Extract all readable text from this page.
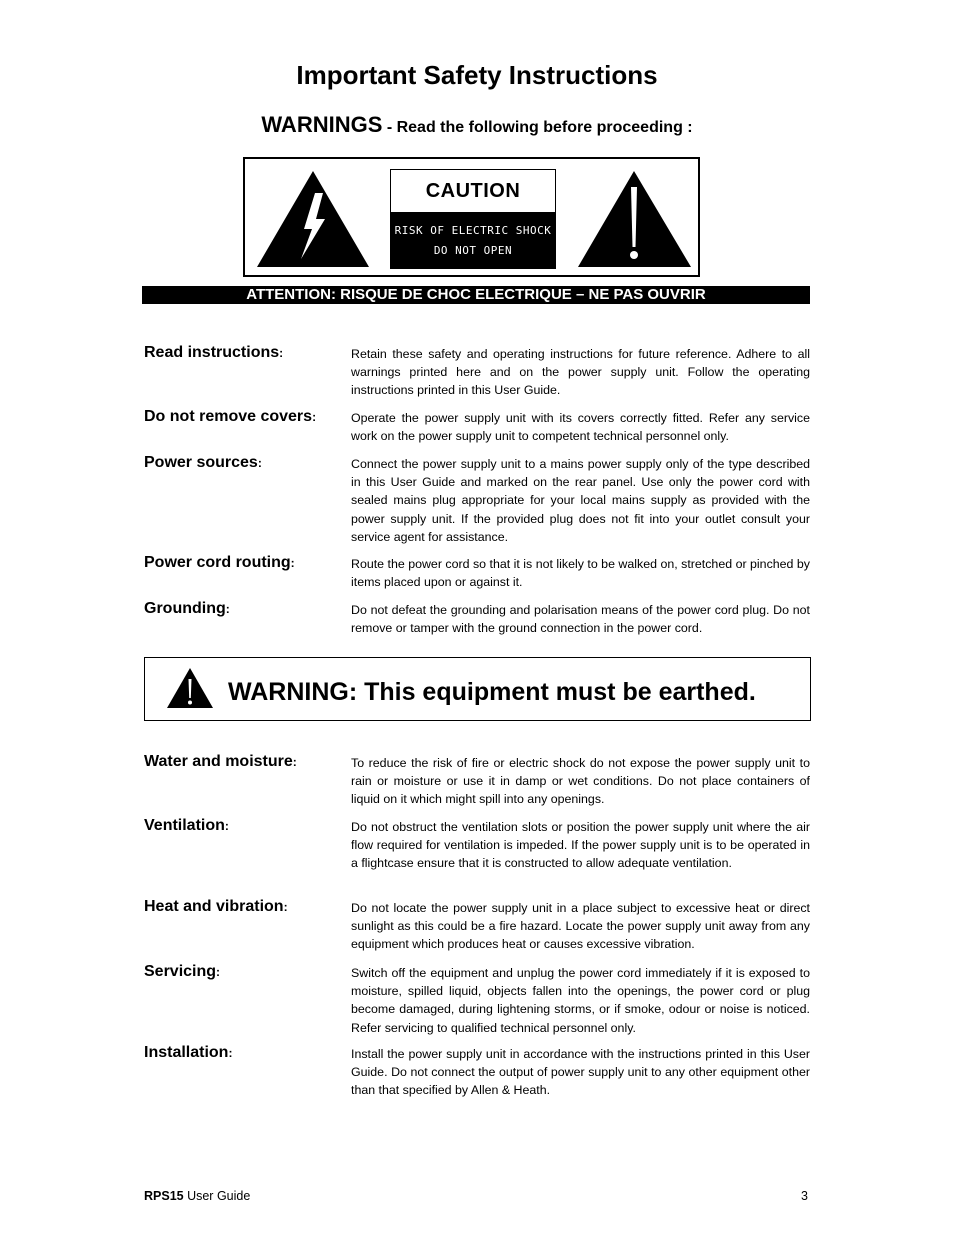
Important Safety Instructions
WARNINGS - Read the following before proceeding :
CAUTION
RISK OF ELECTRIC SHOCK
DO NOT OPEN
ATTENTION: RISQUE DE CHOC ELECTRIQUE – NE PAS OUVRIR
Read instructions:	Retain these safety and operating instructions for future reference. Adhere to all warnings printed here and on the power supply unit. Follow the operating instructions printed in this User Guide.
Do not remove covers:	Operate the power supply unit with its covers correctly fitted. Refer any service work on the power supply unit to competent technical personnel only.
Power sources:	Connect the power supply unit to a mains power supply only of the type described in this User Guide and marked on the rear panel. Use only the power cord with sealed mains plug appropriate for your local mains supply as provided with the power supply unit. If the provided plug does not fit into your outlet consult your service agent for assistance.
Power cord routing:	Route the power cord so that it is not likely to be walked on, stretched or pinched by items placed upon or against it.
Grounding:	Do not defeat the grounding and polarisation means of the power cord plug. Do not remove or tamper with the ground connection in the power cord.
WARNING: This equipment must be earthed.
Water and moisture:	To reduce the risk of fire or electric shock do not expose the power supply unit to rain or moisture or use it in damp or wet conditions. Do not place containers of liquid on it which might spill into any openings.
Ventilation:	Do not obstruct the ventilation slots or position the power supply unit where the air flow required for ventilation is impeded. If the power supply unit is to be operated in a flightcase ensure that it is constructed to allow adequate ventilation.
Heat and vibration:	Do not locate the power supply unit in a place subject to excessive heat or direct sunlight as this could be a fire hazard. Locate the power supply unit away from any equipment which produces heat or causes excessive vibration.
Servicing:	Switch off the equipment and unplug the power cord immediately if it is exposed to moisture, spilled liquid, objects fallen into the openings, the power cord or plug become damaged, during lightening storms, or if smoke, odour or noise is noticed. Refer servicing to qualified technical personnel only.
Installation:	Install the power supply unit in accordance with the instructions printed in this User Guide. Do not connect the output of power supply unit to any other equipment other than that specified by Allen & Heath.
RPS15 User Guide	3
